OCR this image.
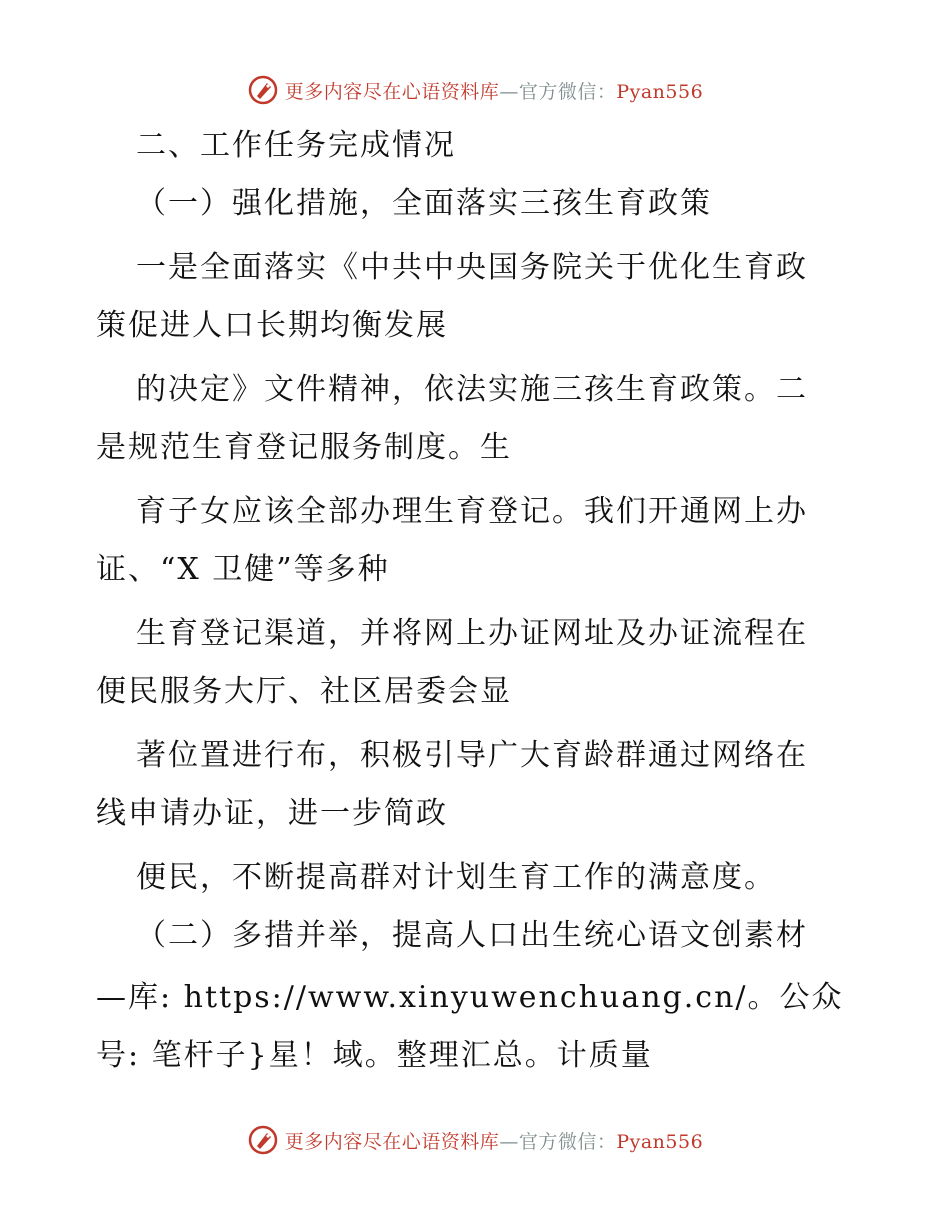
更多内容尽在心语资料库—官方微信：Pyan556
二、工作任务完成情况
（一）强化措施，全面落实三孩生育政策
一是全面落实《中共中央国务院关于优化生育政
策促进人口长期均衡发展
的决定》文件精神，依法实施三孩生育政策。二
是规范生育登记服务制度。生
育子女应该全部办理生育登记。我们开通网上办
证、“X 卫健”等多种
生育登记渠道，并将网上办证网址及办证流程在
便民服务大厅、社区居委会显
著位置进行布，积极引导广大育龄群通过网络在
线申请办证，进一步简政
便民，不断提高群对计划生育工作的满意度。
（二）多措并举，提高人口出生统心语文创素材
—库: https://www.xinyuwenchuang.cn/。公众
号: 笔杆子}星！域。整理汇总。计质量
更多内容尽在心语资料库—官方微信：Pyan556
